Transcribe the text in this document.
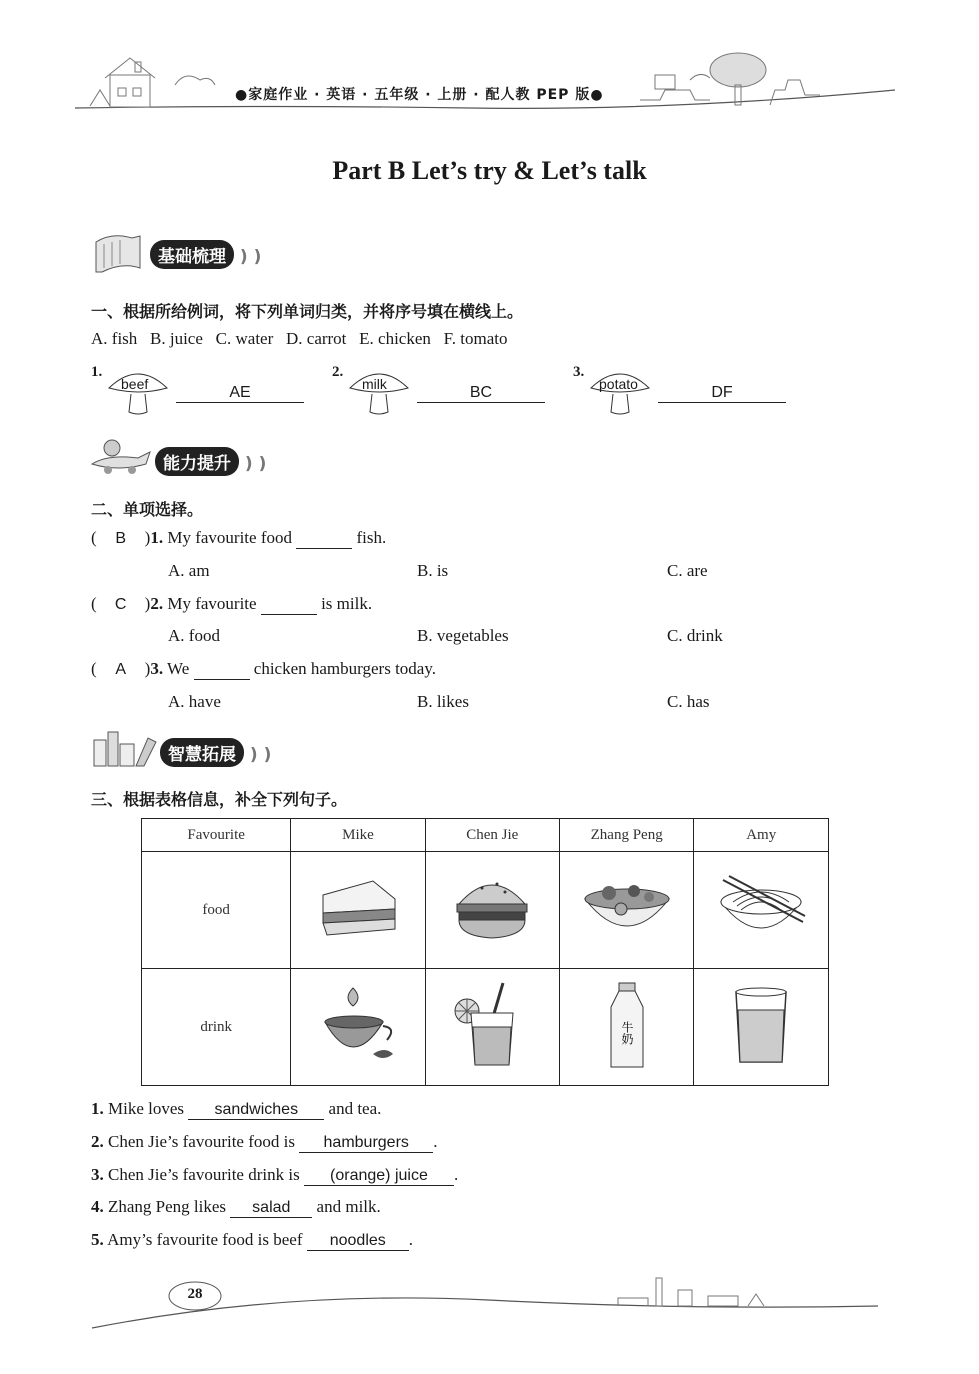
●家庭作业 · 英语 · 五年级 · 上册 · 配人教 PEP 版●
Part B Let’s try & Let’s talk
基础梳理 ) )
一、根据所给例词，将下列单词归类，并将序号填在横线上。
A. fish   B. juice   C. water   D. carrot   E. chicken   F. tomato
1.
beef	AE
2.
milk	BC
3.
potato	DF
能力提升 ) )
二、单项选择。
( B )1. My favourite food	fish.
A. am	B. is	C. are
( C )2. My favourite	is milk.
A. food	B. vegetables	C. drink
( A )3. We	chicken hamburgers today.
A. have	B. likes	C. has
智慧拓展 ) )
三、根据表格信息，补全下列句子。
Favourite	Mike	Chen Jie	Zhang Peng	Amy
food				
drink			牛奶

1. Mike loves sandwiches and tea.
2. Chen Jie’s favourite food is hamburgers .
3. Chen Jie’s favourite drink is (orange) juice .
4. Zhang Peng likes salad and milk.
5. Amy’s favourite food is beef noodles .
28
